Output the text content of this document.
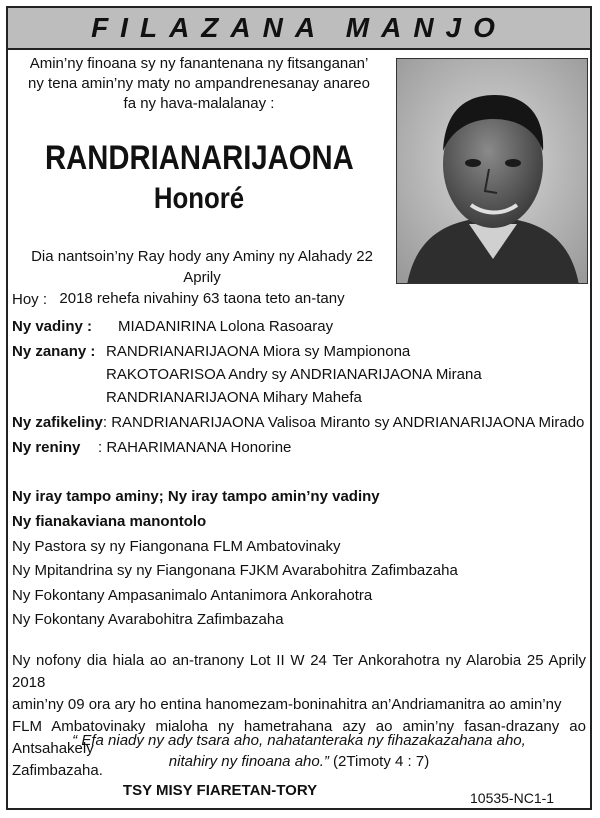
FILAZANA MANJO
Amin’ny finoana sy ny fanantenana ny fitsanganan’
ny tena amin’ny maty no ampandrenesanay anareo
fa ny hava-malalanay :
RANDRIANARIJAONA
Honoré
Dia nantsoin’ny Ray hody any Aminy ny Alahady 22 Aprily
2018 rehefa nivahiny 63 taona teto an-tany
Hoy :
Ny vadiny : MIADANIRINA Lolona Rasoaray
Ny zanany : RANDRIANARIJAONA Miora sy Mampionona
RAKOTOARISOA Andry sy ANDRIANARIJAONA Mirana
RANDRIANARIJAONA Mihary Mahefa
Ny zafikeliny: RANDRIANARIJAONA Valisoa Miranto sy ANDRIANARIJAONA Mirado
Ny reniny : RAHARIMANANA Honorine
Ny iray tampo aminy; Ny iray tampo amin’ny vadiny
Ny fianakaviana manontolo
Ny Pastora sy ny Fiangonana FLM Ambatovinaky
Ny Mpitandrina sy ny Fiangonana FJKM Avarabohitra Zafimbazaha
Ny Fokontany Ampasanimalo Antanimora Ankorahotra
Ny Fokontany Avarabohitra Zafimbazaha
Ny nofony dia hiala ao an-tranony Lot II W 24 Ter Ankorahotra ny Alarobia 25 Aprily 2018
amin’ny 09 ora ary ho entina hanomezam-boninahitra an’Andriamanitra ao amin’ny
FLM Ambatovinaky mialoha ny hametrahana azy ao amin’ny fasan-drazany ao Antsahakely
Zafimbazaha.
“ Efa niady ny ady tsara aho, nahatanteraka ny fihazakazahana aho,
nitahiry ny finoana aho.” (2Timoty 4 : 7)
TSY MISY FIARETAN-TORY	10535-NC1-1
